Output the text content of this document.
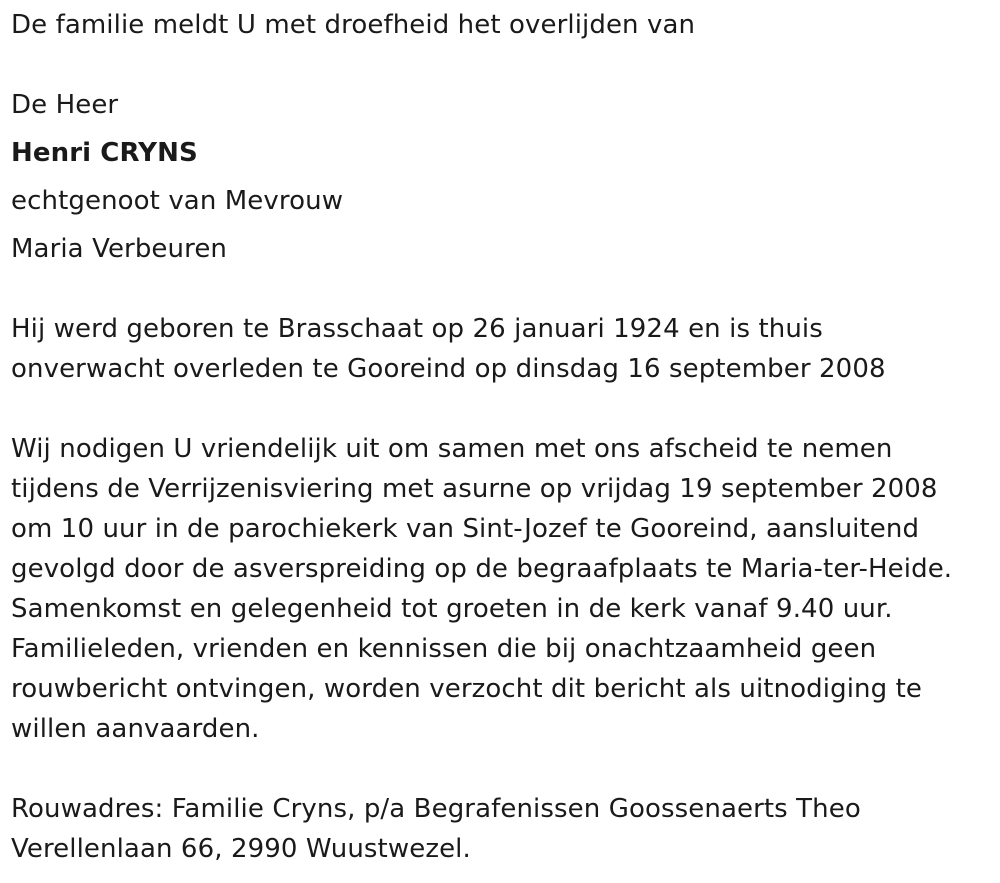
De familie meldt U met droefheid het overlijden van
De Heer
Henri CRYNS
echtgenoot van Mevrouw
Maria Verbeuren
Hij werd geboren te Brasschaat op 26 januari 1924 en is thuis
onverwacht overleden te Gooreind op dinsdag 16 september 2008
Wij nodigen U vriendelijk uit om samen met ons afscheid te nemen
tijdens de Verrijzenisviering met asurne op vrijdag 19 september 2008
om 10 uur in de parochiekerk van Sint-Jozef te Gooreind, aansluitend
gevolgd door de asverspreiding op de begraafplaats te Maria-ter-Heide.
Samenkomst en gelegenheid tot groeten in de kerk vanaf 9.40 uur.
Familieleden, vrienden en kennissen die bij onachtzaamheid geen
rouwbericht ontvingen, worden verzocht dit bericht als uitnodiging te
willen aanvaarden.
Rouwadres: Familie Cryns, p/a Begrafenissen Goossenaerts Theo
Verellenlaan 66, 2990 Wuustwezel.
